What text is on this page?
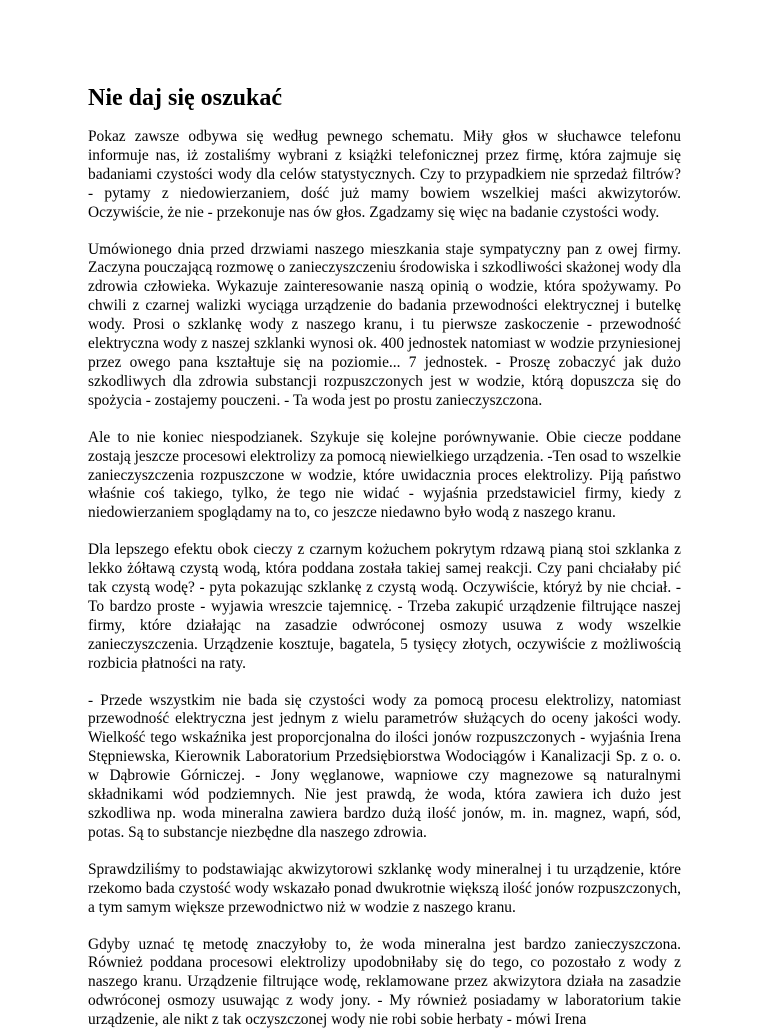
Nie daj się oszukać

Pokaz zawsze odbywa się według pewnego schematu. Miły głos w słuchawce telefonu informuje nas, iż zostaliśmy wybrani z książki telefonicznej przez firmę, która zajmuje się badaniami czystości wody dla celów statystycznych. Czy to przypadkiem nie sprzedaż filtrów? - pytamy z niedowierzaniem, dość już mamy bowiem wszelkiej maści akwizytorów. Oczywiście, że nie - przekonuje nas ów głos. Zgadzamy się więc na badanie czystości wody.

Umówionego dnia przed drzwiami naszego mieszkania staje sympatyczny pan z owej firmy. Zaczyna pouczającą rozmowę o zanieczyszczeniu środowiska i szkodliwości skażonej wody dla zdrowia człowieka. Wykazuje zainteresowanie naszą opinią o wodzie, która spożywamy. Po chwili z czarnej walizki wyciąga urządzenie do badania przewodności elektrycznej i butelkę wody. Prosi o szklankę wody z naszego kranu, i tu pierwsze zaskoczenie - przewodność elektryczna wody z naszej szklanki wynosi ok. 400 jednostek natomiast w wodzie przyniesionej przez owego pana kształtuje się na poziomie... 7 jednostek. - Proszę zobaczyć jak dużo szkodliwych dla zdrowia substancji rozpuszczonych jest w wodzie, którą dopuszcza się do spożycia - zostajemy pouczeni. - Ta woda jest po prostu zanieczyszczona.

Ale to nie koniec niespodzianek. Szykuje się kolejne porównywanie. Obie ciecze poddane zostają jeszcze procesowi elektrolizy za pomocą niewielkiego urządzenia. -Ten osad to wszelkie zanieczyszczenia rozpuszczone w wodzie, które uwidacznia proces elektrolizy. Piją państwo właśnie coś takiego, tylko, że tego nie widać - wyjaśnia przedstawiciel firmy, kiedy z niedowierzaniem spoglądamy na to, co jeszcze niedawno było wodą z naszego kranu.

Dla lepszego efektu obok cieczy z czarnym kożuchem pokrytym rdzawą pianą stoi szklanka z lekko żółtawą czystą wodą, która poddana została takiej samej reakcji. Czy pani chciałaby pić tak czystą wodę? - pyta pokazując szklankę z czystą wodą. Oczywiście, któryż by nie chciał. - To bardzo proste - wyjawia wreszcie tajemnicę. - Trzeba zakupić urządzenie filtrujące naszej firmy, które działając na zasadzie odwróconej osmozy usuwa z wody wszelkie zanieczyszczenia. Urządzenie kosztuje, bagatela, 5 tysięcy złotych, oczywiście z możliwością rozbicia płatności na raty.

- Przede wszystkim nie bada się czystości wody za pomocą procesu elektrolizy, natomiast przewodność elektryczna jest jednym z wielu parametrów służących do oceny jakości wody. Wielkość tego wskaźnika jest proporcjonalna do ilości jonów rozpuszczonych - wyjaśnia Irena Stępniewska, Kierownik Laboratorium Przedsiębiorstwa Wodociągów i Kanalizacji Sp. z o. o. w Dąbrowie Górniczej. - Jony węglanowe, wapniowe czy magnezowe są naturalnymi składnikami wód podziemnych. Nie jest prawdą, że woda, która zawiera ich dużo jest szkodliwa np. woda mineralna zawiera bardzo dużą ilość jonów, m. in. magnez, wapń, sód, potas. Są to substancje niezbędne dla naszego zdrowia.

Sprawdziliśmy to podstawiając akwizytorowi szklankę wody mineralnej i tu urządzenie, które rzekomo bada czystość wody wskazało ponad dwukrotnie większą ilość jonów rozpuszczonych, a tym samym większe przewodnictwo niż w wodzie z naszego kranu.

Gdyby uznać tę metodę znaczyłoby to, że woda mineralna jest bardzo zanieczyszczona. Również poddana procesowi elektrolizy upodobniłaby się do tego, co pozostało z wody z naszego kranu. Urządzenie filtrujące wodę, reklamowane przez akwizytora działa na zasadzie odwróconej osmozy usuwając z wody jony. - My również posiadamy w laboratorium takie urządzenie, ale nikt z tak oczyszczonej wody nie robi sobie herbaty - mówi Irena
